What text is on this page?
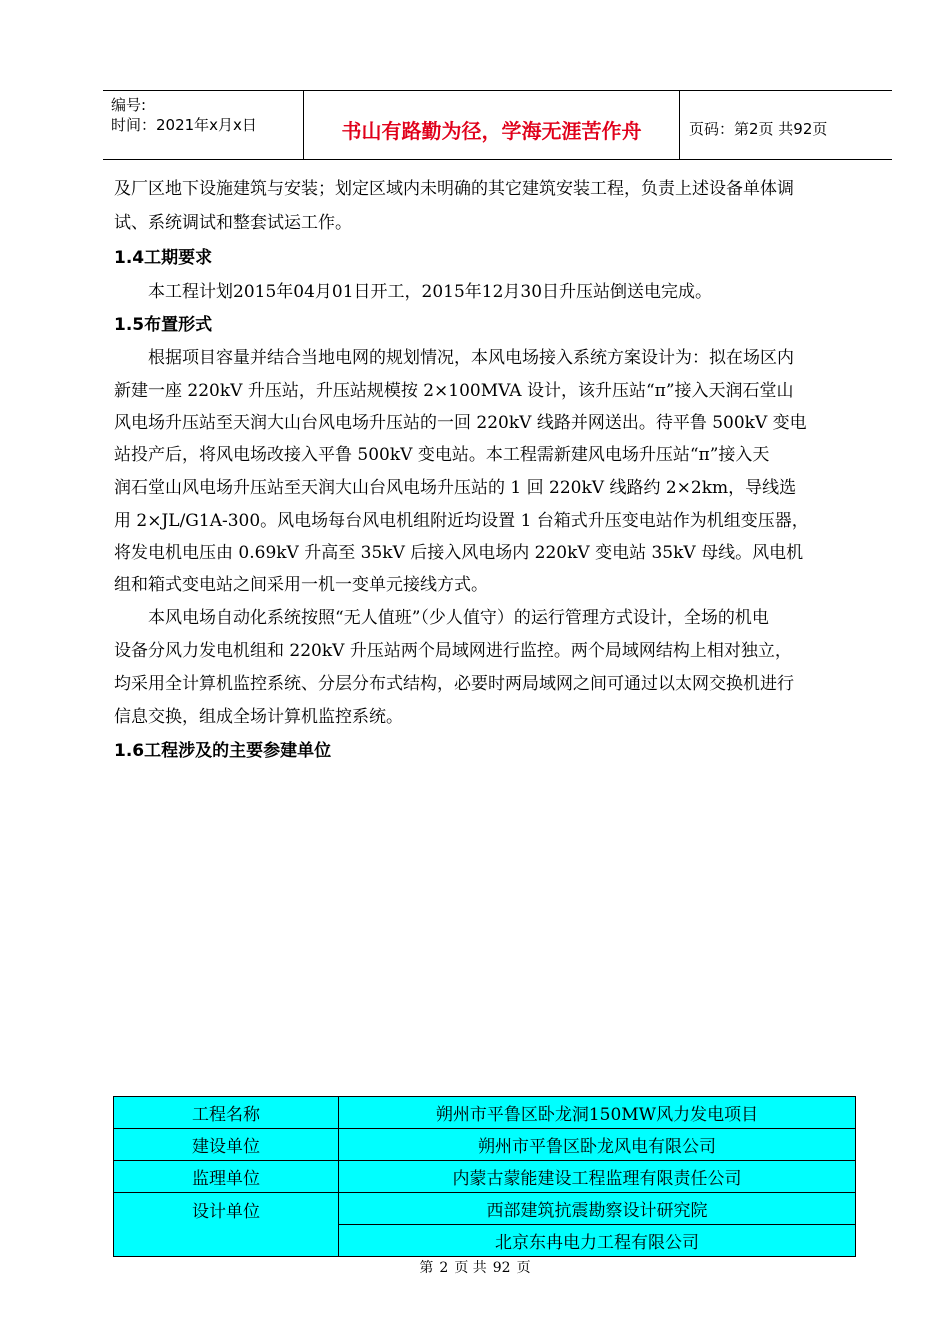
编号:
时间：2021年x月x日	书山有路勤为径，学海无涯苦作舟	页码：第2页 共92页
及厂区地下设施建筑与安装；划定区域内未明确的其它建筑安装工程，负责上述设备单体调
试、系统调试和整套试运工作。
1.4工期要求
本工程计划2015年04月01日开工，2015年12月30日升压站倒送电完成。
1.5布置形式
根据项目容量并结合当地电网的规划情况，本风电场接入系统方案设计为：拟在场区内
新建一座 220kV 升压站，升压站规模按 2×100MVA 设计，该升压站“π”接入天润石堂山
风电场升压站至天润大山台风电场升压站的一回 220kV 线路并网送出。待平鲁 500kV 变电
站投产后，将风电场改接入平鲁 500kV 变电站。本工程需新建风电场升压站“π”接入天
润石堂山风电场升压站至天润大山台风电场升压站的 1 回 220kV 线路约 2×2km，导线选
用 2×JL/G1A-300。风电场每台风电机组附近均设置 1 台箱式升压变电站作为机组变压器，
将发电机电压由 0.69kV 升高至 35kV 后接入风电场内 220kV 变电站 35kV 母线。风电机
组和箱式变电站之间采用一机一变单元接线方式。
本风电场自动化系统按照“无人值班”（少人值守）的运行管理方式设计，全场的机电
设备分风力发电机组和 220kV 升压站两个局域网进行监控。两个局域网结构上相对独立，
均采用全计算机监控系统、分层分布式结构，必要时两局域网之间可通过以太网交换机进行
信息交换，组成全场计算机监控系统。
1.6工程涉及的主要参建单位
工程名称	朔州市平鲁区卧龙洞150MW风力发电项目
建设单位	朔州市平鲁区卧龙风电有限公司
监理单位	内蒙古蒙能建设工程监理有限责任公司
设计单位	西部建筑抗震勘察设计研究院
	北京东冉电力工程有限公司
第 2 页 共 92 页
